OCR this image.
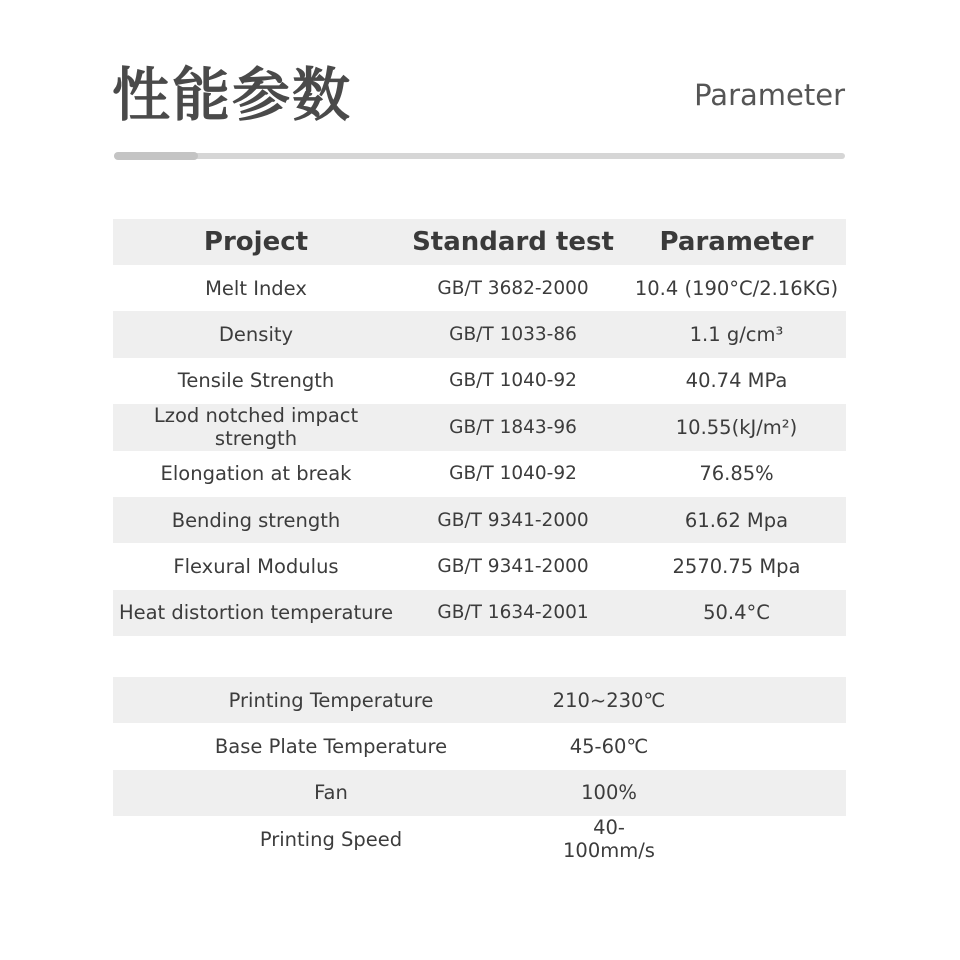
性能参数	Parameter
Project	Standard test	Parameter
Melt Index	GB/T 3682-2000	10.4 (190°C/2.16KG)
Density	GB/T 1033-86	1.1 g/cm³
Tensile Strength	GB/T 1040-92	40.74 MPa
Lzod notched impact strength	GB/T 1843-96	10.55(kJ/m²)
Elongation at break	GB/T 1040-92	76.85%
Bending strength	GB/T 9341-2000	61.62 Mpa
Flexural Modulus	GB/T 9341-2000	2570.75 Mpa
Heat distortion temperature	GB/T 1634-2001	50.4°C
Printing Temperature	210~230℃
Base Plate Temperature	45-60℃
Fan	100%
Printing Speed	40-100mm/s
